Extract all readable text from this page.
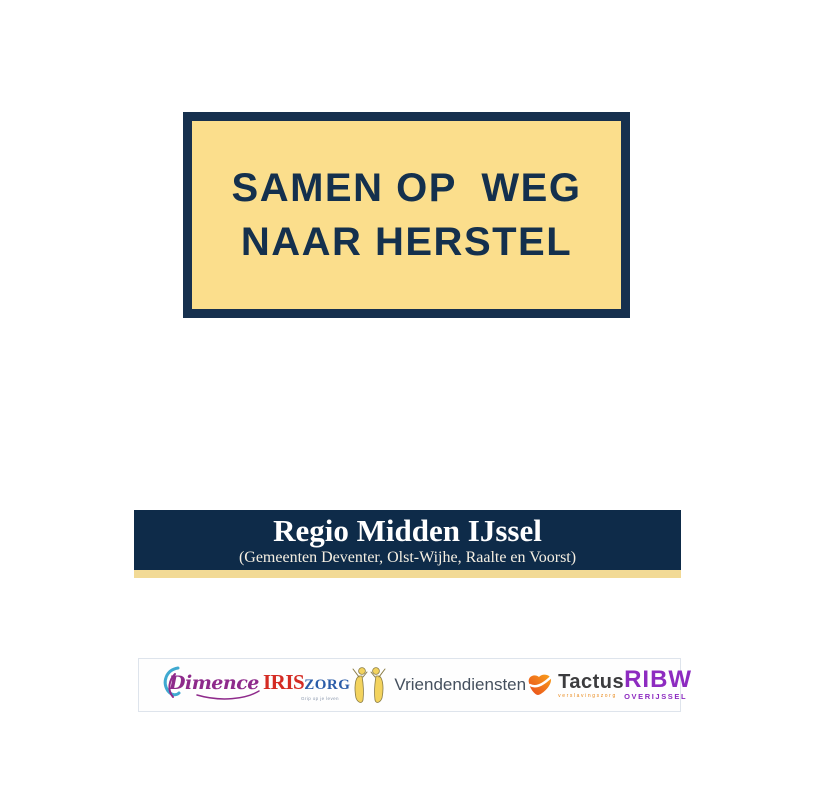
SAMEN OP  WEG
NAAR HERSTEL
Regio Midden IJssel
(Gemeenten Deventer, Olst-Wijhe, Raalte en Voorst)
Dimence IRIS ZORG
Grip op je leven
Vriendendiensten Tactus
verslavingszorg
RIBW
OVERIJSSEL
